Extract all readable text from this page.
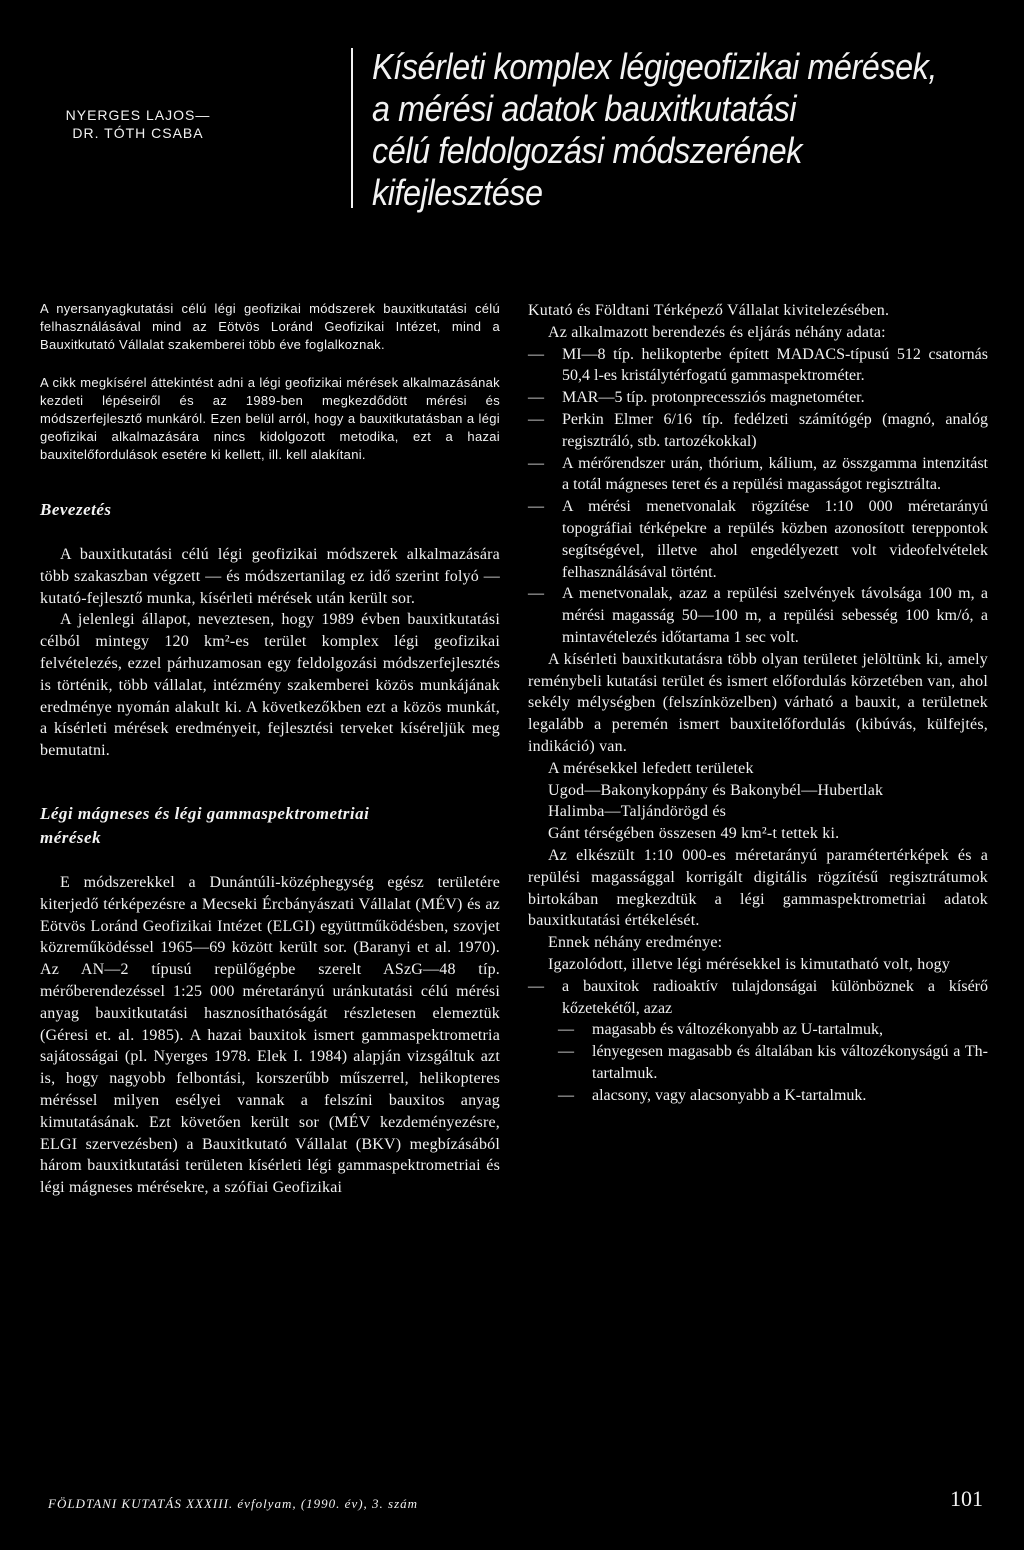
NYERGES LAJOS—
DR. TÓTH CSABA
Kísérleti komplex légigeofizikai mérések,
a mérési adatok bauxitkutatási
célú feldolgozási módszerének
kifejlesztése

A nyersanyagkutatási célú légi geofizikai módszerek bauxitkutatási célú felhasználásával mind az Eötvös Loránd Geofizikai Intézet, mind a Bauxitkutató Vállalat szakemberei több éve foglalkoznak.

A cikk megkísérel áttekintést adni a légi geofizikai mérések alkalmazásának kezdeti lépéseiről és az 1989-ben megkezdődött mérési és módszerfejlesztő munkáról. Ezen belül arról, hogy a bauxitkutatásban a légi geofizikai alkalmazására nincs kidolgozott metodika, ezt a hazai bauxitelőfordulások esetére ki kellett, ill. kell alakítani.

Bevezetés

A bauxitkutatási célú légi geofizikai módszerek alkalmazására több szakaszban végzett — és módszertanilag ez idő szerint folyó — kutató-fejlesztő munka, kísérleti mérések után került sor.

A jelenlegi állapot, neveztesen, hogy 1989 évben bauxitkutatási célból mintegy 120 km²-es terület komplex légi geofizikai felvételezés, ezzel párhuzamosan egy feldolgozási módszerfejlesztés is történik, több vállalat, intézmény szakemberei közös munkájának eredménye nyomán alakult ki. A következőkben ezt a közös munkát, a kísérleti mérések eredményeit, fejlesztési terveket kíséreljük meg bemutatni.

Légi mágneses és légi gammaspektrometriai
mérések

E módszerekkel a Dunántúli-középhegység egész területére kiterjedő térképezésre a Mecseki Ércbányászati Vállalat (MÉV) és az Eötvös Loránd Geofizikai Intézet (ELGI) együttműködésben, szovjet közreműködéssel 1965—69 között került sor. (Baranyi et al. 1970). Az AN—2 típusú repülőgépbe szerelt ASzG—48 típ. mérőberendezéssel 1:25 000 méretarányú uránkutatási célú mérési anyag bauxitkutatási hasznosíthatóságát részletesen elemeztük (Géresi et. al. 1985). A hazai bauxitok ismert gammaspektrometria sajátosságai (pl. Nyerges 1978. Elek I. 1984) alapján vizsgáltuk azt is, hogy nagyobb felbontási, korszerűbb műszerrel, helikopteres méréssel milyen esélyei vannak a felszíni bauxitos anyag kimutatásának. Ezt követően került sor (MÉV kezdeményezésre, ELGI szervezésben) a Bauxitkutató Vállalat (BKV) megbízásából három bauxitkutatási területen kísérleti légi gammaspektrometriai és légi mágneses mérésekre, a szófiai Geofizikai

Kutató és Földtani Térképező Vállalat kivitelezésében.

Az alkalmazott berendezés és eljárás néhány adata:

— MI—8 típ. helikopterbe épített MADACS-típusú 512 csatornás 50,4 l-es kristálytérfogatú gammaspektrométer.
— MAR—5 típ. protonprecessziós magnetométer.
— Perkin Elmer 6/16 típ. fedélzeti számítógép (magnó, analóg regisztráló, stb. tartozékokkal)
— A mérőrendszer urán, thórium, kálium, az összgamma intenzitást a totál mágneses teret és a repülési magasságot regisztrálta.
— A mérési menetvonalak rögzítése 1:10 000 méretarányú topográfiai térképekre a repülés közben azonosított tereppontok segítségével, illetve ahol engedélyezett volt videofelvételek felhasználásával történt.
— A menetvonalak, azaz a repülési szelvények távolsága 100 m, a mérési magasság 50—100 m, a repülési sebesség 100 km/ó, a mintavételezés időtartama 1 sec volt.

A kísérleti bauxitkutatásra több olyan területet jelöltünk ki, amely reménybeli kutatási terület és ismert előfordulás körzetében van, ahol sekély mélységben (felszínközelben) várható a bauxit, a területnek legalább a peremén ismert bauxitelőfordulás (kibúvás, külfejtés, indikáció) van.

A mérésekkel lefedett területek

Ugod—Bakonykoppány és Bakonybél—Hubertlak

Halimba—Taljándörögd és

Gánt térségében összesen 49 km²-t tettek ki.

Az elkészült 1:10 000-es méretarányú paramétertérképek és a repülési magassággal korrigált digitális rögzítésű regisztrátumok birtokában megkezdtük a légi gammaspektrometriai adatok bauxitkutatási értékelését.

Ennek néhány eredménye:

Igazolódott, illetve légi mérésekkel is kimutatható volt, hogy

— a bauxitok radioaktív tulajdonságai különböznek a kísérő kőzetekétől, azaz
— magasabb és változékonyabb az U-tartalmuk,
— lényegesen magasabb és általában kis változékonyságú a Th-tartalmuk.
— alacsony, vagy alacsonyabb a K-tartalmuk.
FÖLDTANI KUTATÁS XXXIII. évfolyam, (1990. év), 3. szám	101
